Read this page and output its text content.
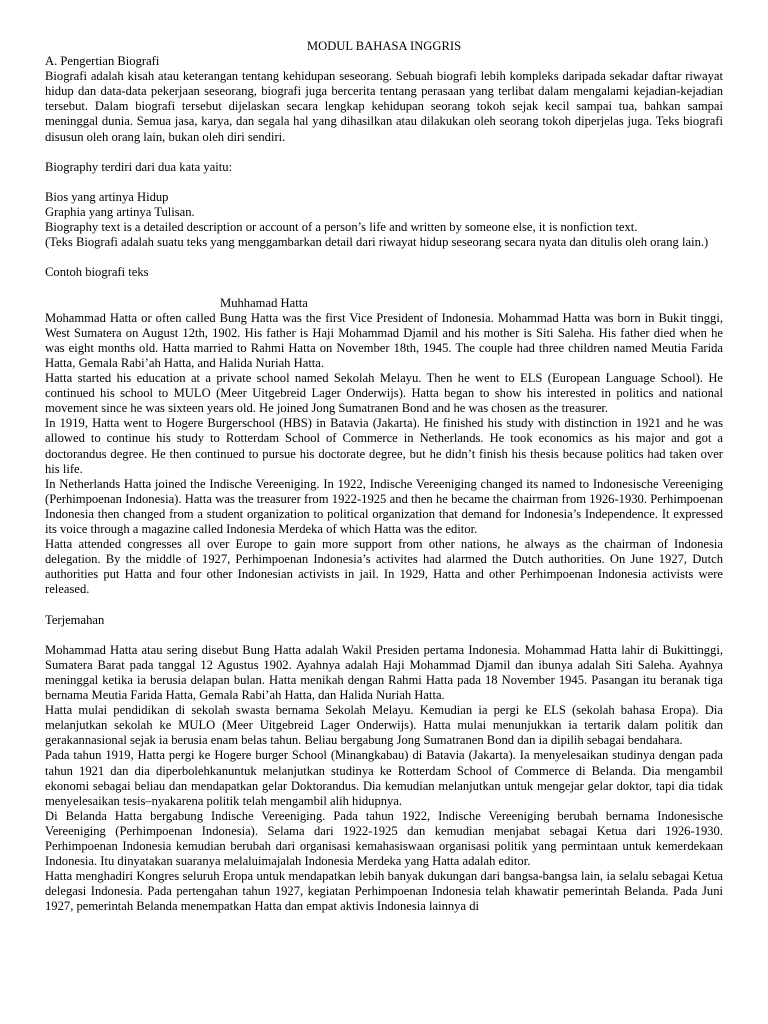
MODUL BAHASA INGGRIS

A. Pengertian Biografi

Biografi adalah kisah atau keterangan tentang kehidupan seseorang. Sebuah biografi lebih kompleks daripada sekadar daftar riwayat hidup dan data-data pekerjaan seseorang, biografi juga bercerita tentang perasaan yang terlibat dalam mengalami kejadian-kejadian tersebut. Dalam biografi tersebut dijelaskan secara lengkap kehidupan seorang tokoh sejak kecil sampai tua, bahkan sampai meninggal dunia. Semua jasa, karya, dan segala hal yang dihasilkan atau dilakukan oleh seorang tokoh diperjelas juga. Teks biografi disusun oleh orang lain, bukan oleh diri sendiri.

Biography terdiri dari dua kata yaitu:

Bios yang artinya Hidup

Graphia yang artinya Tulisan.

Biography text is a detailed description or account of a person’s life and written by someone else, it is nonfiction text.

(Teks Biografi adalah suatu teks yang menggambarkan detail dari riwayat hidup seseorang secara nyata dan ditulis oleh orang lain.)

Contoh biografi teks

Muhhamad Hatta

Mohammad Hatta or often called Bung Hatta was the first Vice President of Indonesia. Mohammad Hatta was born in Bukit tinggi, West Sumatera on August 12th, 1902. His father is Haji Mohammad Djamil and his mother is Siti Saleha. His father died when he was eight months old. Hatta married to Rahmi Hatta on November 18th, 1945. The couple had three children named Meutia Farida Hatta, Gemala Rabi’ah Hatta, and Halida Nuriah Hatta.

Hatta started his education at a private school named Sekolah Melayu. Then he went to ELS (European Language School). He continued his school to MULO (Meer Uitgebreid Lager Onderwijs). Hatta began to show his interested in politics and national movement since he was sixteen years old. He joined Jong Sumatranen Bond and he was chosen as the treasurer.

In 1919, Hatta went to Hogere Burgerschool (HBS) in Batavia (Jakarta). He finished his study with distinction in 1921 and he was allowed to continue his study to Rotterdam School of Commerce in Netherlands. He took economics as his major and got a doctorandus degree. He then continued to pursue his doctorate degree, but he didn’t finish his thesis because politics had taken over his life.

In Netherlands Hatta joined the Indische Vereeniging. In 1922, Indische Vereeniging changed its named to Indonesische Vereeniging (Perhimpoenan Indonesia). Hatta was the treasurer from 1922-1925 and then he became the chairman from 1926-1930. Perhimpoenan Indonesia then changed from a student organization to political organization that demand for Indonesia’s Independence. It expressed its voice through a magazine called Indonesia Merdeka of which Hatta was the editor.

Hatta attended congresses all over Europe to gain more support from other nations, he always as the chairman of Indonesia delegation. By the middle of 1927, Perhimpoenan Indonesia’s activites had alarmed the Dutch authorities. On June 1927, Dutch authorities put Hatta and four other Indonesian activists in jail. In 1929, Hatta and other Perhimpoenan Indonesia activists were released.

Terjemahan

Mohammad Hatta atau sering disebut Bung Hatta adalah Wakil Presiden pertama Indonesia. Mohammad Hatta lahir di Bukittinggi, Sumatera Barat pada tanggal 12 Agustus 1902. Ayahnya adalah Haji Mohammad Djamil dan ibunya adalah Siti Saleha. Ayahnya meninggal ketika ia berusia delapan bulan. Hatta menikah dengan Rahmi Hatta pada 18 November 1945. Pasangan itu beranak tiga bernama Meutia Farida Hatta, Gemala Rabi’ah Hatta, dan Halida Nuriah Hatta.

Hatta mulai pendidikan di sekolah swasta bernama Sekolah Melayu. Kemudian ia pergi ke ELS (sekolah bahasa Eropa). Dia melanjutkan sekolah ke MULO (Meer Uitgebreid Lager Onderwijs). Hatta mulai menunjukkan ia tertarik dalam politik dan gerakannasional sejak ia berusia enam belas tahun. Beliau bergabung Jong Sumatranen Bond dan ia dipilih sebagai bendahara.

Pada tahun 1919, Hatta pergi ke Hogere burger School (Minangkabau) di Batavia (Jakarta). Ia menyelesaikan studinya dengan pada tahun 1921 dan dia diperbolehkanuntuk melanjutkan studinya ke Rotterdam School of Commerce di Belanda. Dia mengambil ekonomi sebagai beliau dan mendapatkan gelar Doktorandus. Dia kemudian melanjutkan untuk mengejar gelar doktor, tapi dia tidak menyelesaikan tesis–nyakarena politik telah mengambil alih hidupnya.

Di Belanda Hatta bergabung Indische Vereeniging. Pada tahun 1922, Indische Vereeniging berubah bernama Indonesische Vereeniging (Perhimpoenan Indonesia). Selama dari 1922-1925 dan kemudian menjabat sebagai Ketua dari 1926-1930. Perhimpoenan Indonesia kemudian berubah dari organisasi kemahasiswaan organisasi politik yang permintaan untuk kemerdekaan Indonesia. Itu dinyatakan suaranya melaluimajalah Indonesia Merdeka yang Hatta adalah editor.

Hatta menghadiri Kongres seluruh Eropa untuk mendapatkan lebih banyak dukungan dari bangsa-bangsa lain, ia selalu sebagai Ketua delegasi Indonesia. Pada pertengahan tahun 1927, kegiatan Perhimpoenan Indonesia telah khawatir pemerintah Belanda. Pada Juni 1927, pemerintah Belanda menempatkan Hatta dan empat aktivis Indonesia lainnya di
